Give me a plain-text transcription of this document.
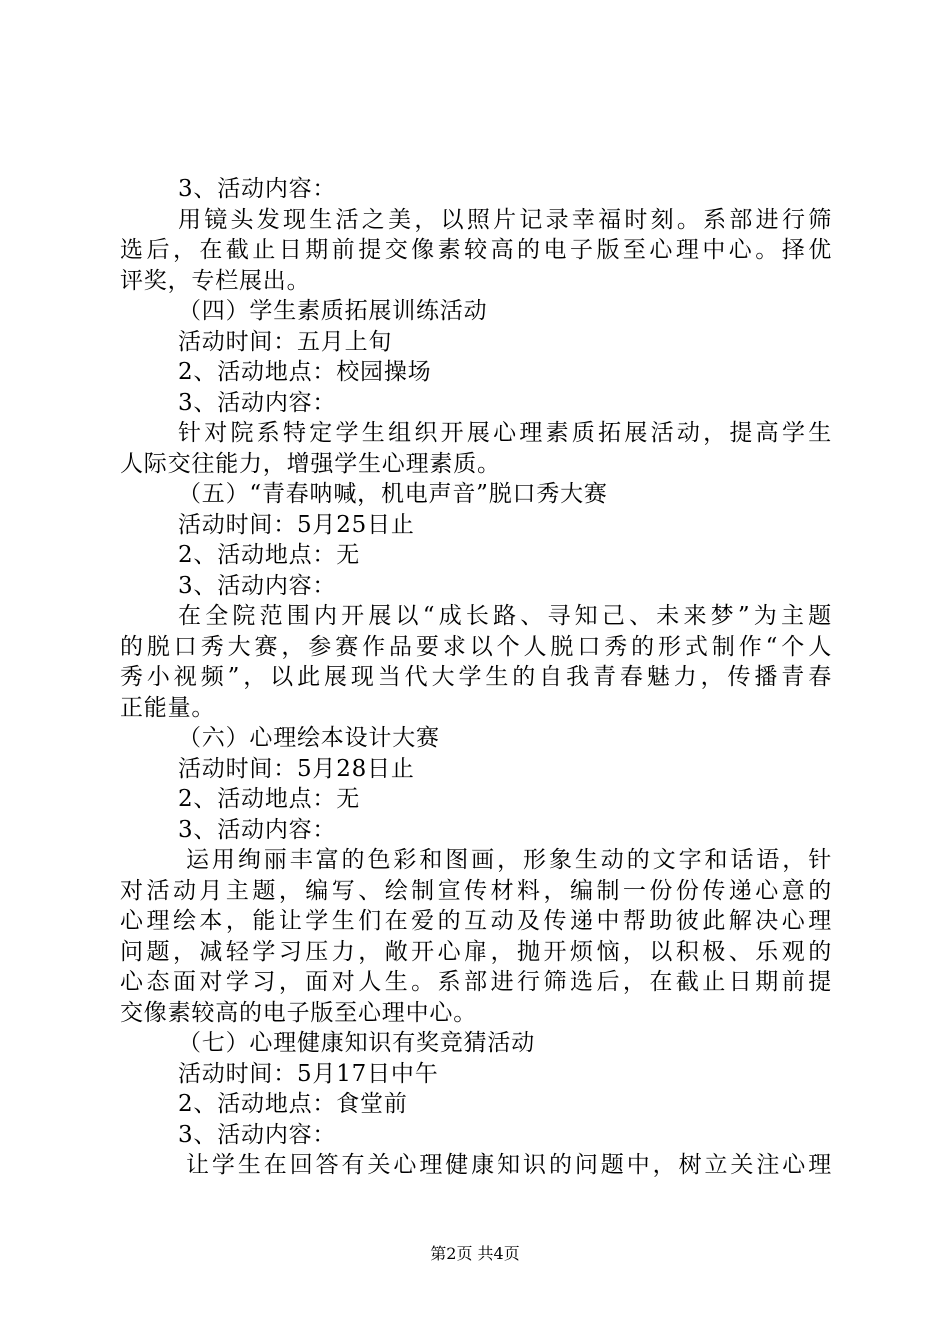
3、活动内容：
用镜头发现生活之美，以照片记录幸福时刻。系部进行筛
选后，在截止日期前提交像素较高的电子版至心理中心。择优
评奖，专栏展出。
（四）学生素质拓展训练活动
活动时间：五月上旬
2、活动地点：校园操场
3、活动内容：
针对院系特定学生组织开展心理素质拓展活动，提高学生
人际交往能力，增强学生心理素质。
（五）“青春呐喊，机电声音”脱口秀大赛
活动时间：5月25日止
2、活动地点：无
3、活动内容：
在全院范围内开展以“成长路、寻知己、未来梦”为主题
的脱口秀大赛，参赛作品要求以个人脱口秀的形式制作“个人
秀小视频”，以此展现当代大学生的自我青春魅力，传播青春
正能量。
（六）心理绘本设计大赛
活动时间：5月28日止
2、活动地点：无
3、活动内容：
运用绚丽丰富的色彩和图画，形象生动的文字和话语，针
对活动月主题，编写、绘制宣传材料，编制一份份传递心意的
心理绘本，能让学生们在爱的互动及传递中帮助彼此解决心理
问题，减轻学习压力，敞开心扉，抛开烦恼，以积极、乐观的
心态面对学习，面对人生。系部进行筛选后，在截止日期前提
交像素较高的电子版至心理中心。
（七）心理健康知识有奖竞猜活动
活动时间：5月17日中午
2、活动地点：食堂前
3、活动内容：
让学生在回答有关心理健康知识的问题中，树立关注心理
第2页 共4页
